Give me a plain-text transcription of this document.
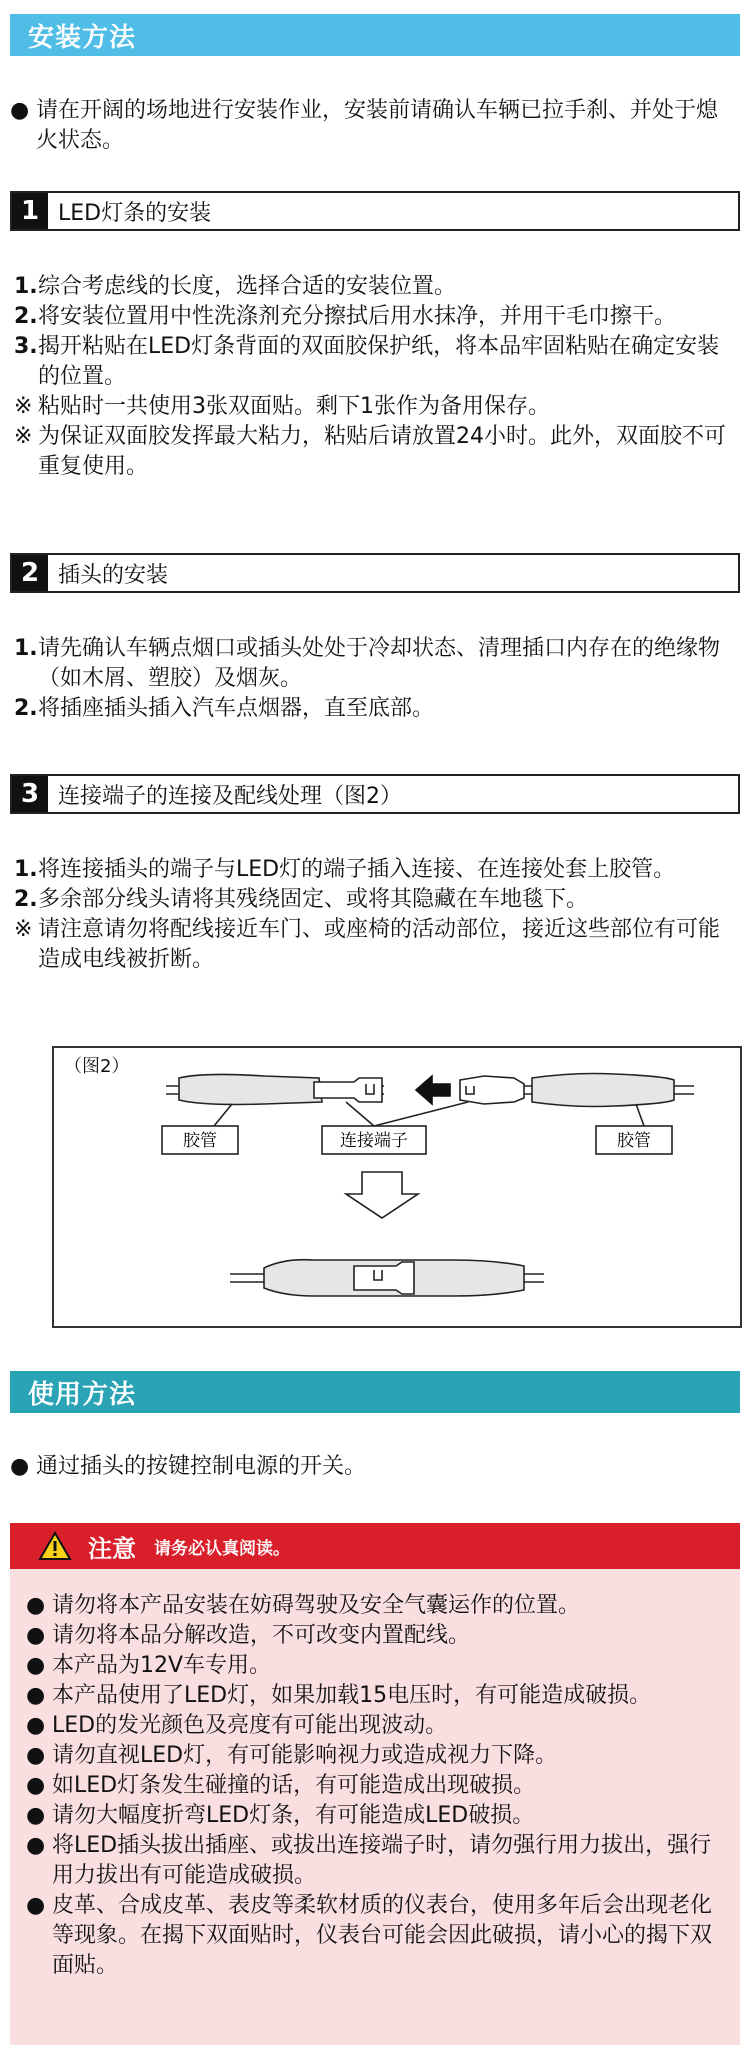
安装方法
● 请在开阔的场地进行安装作业，安装前请确认车辆已拉手刹、并处于熄火状态。
1 LED灯条的安装
1. 综合考虑线的长度，选择合适的安装位置。
2. 将安装位置用中性洗涤剂充分擦拭后用水抹净，并用干毛巾擦干。
3. 揭开粘贴在LED灯条背面的双面胶保护纸，将本品牢固粘贴在确定安装的位置。
※ 粘贴时一共使用3张双面贴。剩下1张作为备用保存。
※ 为保证双面胶发挥最大粘力，粘贴后请放置24小时。此外，双面胶不可重复使用。
2 插头的安装
1. 请先确认车辆点烟口或插头处处于冷却状态、清理插口内存在的绝缘物（如木屑、塑胶）及烟灰。
2. 将插座插头插入汽车点烟器，直至底部。
3 连接端子的连接及配线处理（图2）
1. 将连接插头的端子与LED灯的端子插入连接、在连接处套上胶管。
2. 多余部分线头请将其残绕固定、或将其隐藏在车地毯下。
※ 请注意请勿将配线接近车门、或座椅的活动部位，接近这些部位有可能造成电线被折断。
（图2）
胶管	连接端子	胶管
使用方法
● 通过插头的按键控制电源的开关。
注意 请务必认真阅读。
● 请勿将本产品安装在妨碍驾驶及安全气囊运作的位置。
● 请勿将本品分解改造，不可改变内置配线。
● 本产品为12V车专用。
● 本产品使用了LED灯，如果加载15电压时，有可能造成破损。
● LED的发光颜色及亮度有可能出现波动。
● 请勿直视LED灯，有可能影响视力或造成视力下降。
● 如LED灯条发生碰撞的话，有可能造成出现破损。
● 请勿大幅度折弯LED灯条，有可能造成LED破损。
● 将LED插头拔出插座、或拔出连接端子时，请勿强行用力拔出，强行用力拔出有可能造成破损。
● 皮革、合成皮革、表皮等柔软材质的仪表台，使用多年后会出现老化等现象。在揭下双面贴时，仪表台可能会因此破损，请小心的揭下双面贴。
